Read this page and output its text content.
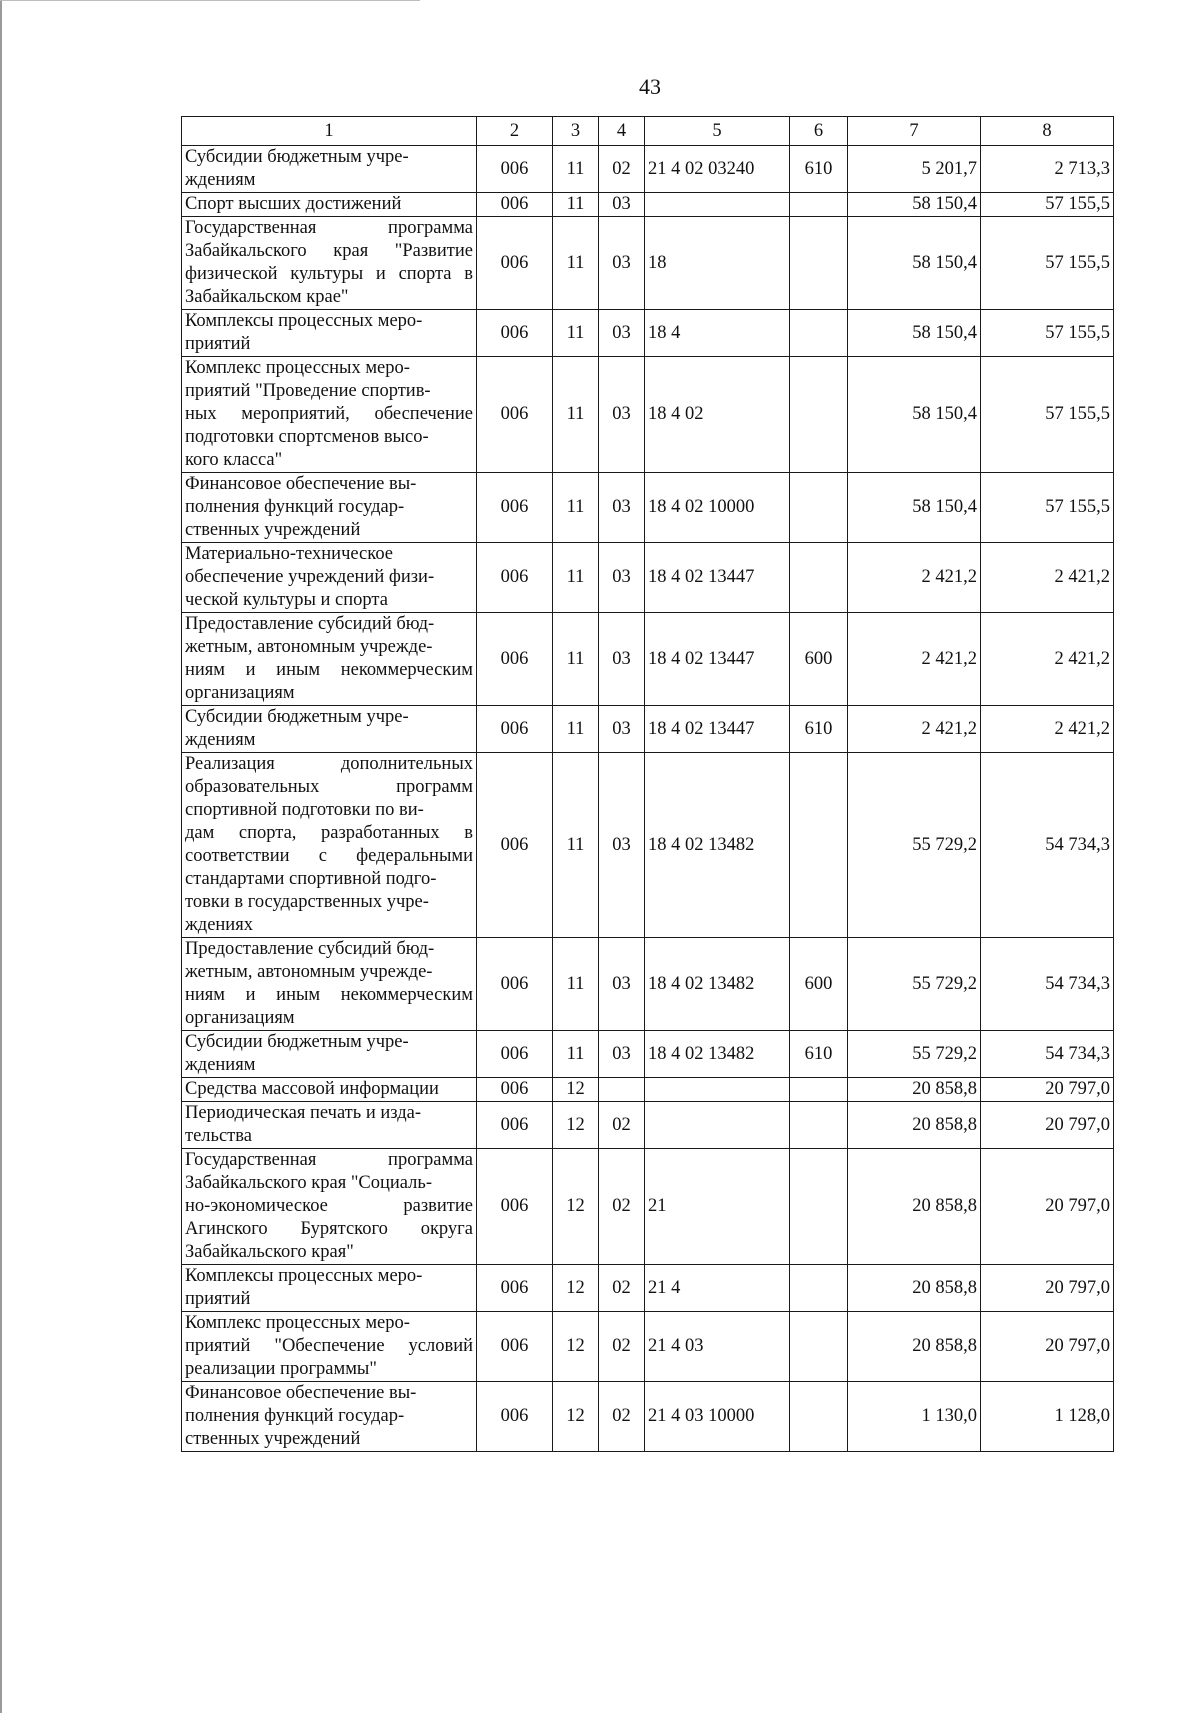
43
1	2	3	4	5	6	7	8
Субсидии бюджетным учре-
ждениям	006	11	02	21 4 02 03240	610	5 201,7	2 713,3
Спорт высших достижений	006	11	03			58 150,4	57 155,5
Государственная программа Забайкальского края "Развитие физической культуры и спорта в Забайкальском крае"	006	11	03	18		58 150,4	57 155,5
Комплексы процессных меро-
приятий	006	11	03	18 4		58 150,4	57 155,5
Комплекс процессных меро-
приятий "Проведение спортив-
ных мероприятий, обеспечение подготовки спортсменов высо-
кого класса"	006	11	03	18 4 02		58 150,4	57 155,5
Финансовое обеспечение вы-
полнения функций государ-
ственных учреждений	006	11	03	18 4 02 10000		58 150,4	57 155,5
Материально-техническое обеспечение учреждений физи-
ческой культуры и спорта	006	11	03	18 4 02 13447		2 421,2	2 421,2
Предоставление субсидий бюд-
жетным, автономным учрежде-
ниям и иным некоммерческим организациям	006	11	03	18 4 02 13447	600	2 421,2	2 421,2
Субсидии бюджетным учре-
ждениям	006	11	03	18 4 02 13447	610	2 421,2	2 421,2
Реализация дополнительных образовательных программ спортивной подготовки по ви-
дам спорта, разработанных в соответствии с федеральными стандартами спортивной подго-
товки в государственных учре-
ждениях	006	11	03	18 4 02 13482		55 729,2	54 734,3
Предоставление субсидий бюд-
жетным, автономным учрежде-
ниям и иным некоммерческим организациям	006	11	03	18 4 02 13482	600	55 729,2	54 734,3
Субсидии бюджетным учре-
ждениям	006	11	03	18 4 02 13482	610	55 729,2	54 734,3
Средства массовой информации	006	12				20 858,8	20 797,0
Периодическая печать и изда-
тельства	006	12	02			20 858,8	20 797,0
Государственная программа Забайкальского края "Социаль-
но-экономическое развитие Агинского Бурятского округа Забайкальского края"	006	12	02	21		20 858,8	20 797,0
Комплексы процессных меро-
приятий	006	12	02	21 4		20 858,8	20 797,0
Комплекс процессных меро-
приятий "Обеспечение условий реализации программы"	006	12	02	21 4 03		20 858,8	20 797,0
Финансовое обеспечение вы-
полнения функций государ-
ственных учреждений	006	12	02	21 4 03 10000		1 130,0	1 128,0
